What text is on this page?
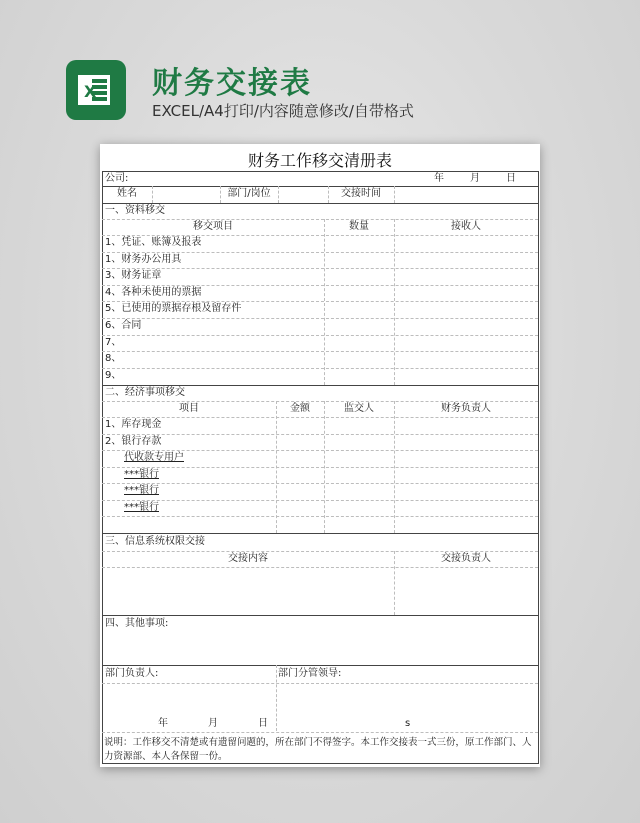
X 财务交接表
EXCEL/A4打印/内容随意修改/自带格式
财务工作移交清册表
公司:	年	月	日
姓名	部门/岗位	交接时间
一、资料移交
移交项目	数量	接收人
1、凭证、账簿及报表
1、财务办公用具
3、财务证章
4、各种未使用的票据
5、已使用的票据存根及留存件
6、合同
7、
8、
9、
二、经济事项移交
项目	金额	监交人	财务负责人
1、库存现金
2、银行存款
代收款专用户
***银行
***银行
***银行
三、信息系统权限交接
交接内容	交接负责人
四、其他事项:
部门负责人:	部门分管领导:
年	月	日	s
说明：工作移交不清楚或有遗留问题的，所在部门不得签字。本工作交接表一式三份，原工作部门、人力资源部、本人各保留一份。
